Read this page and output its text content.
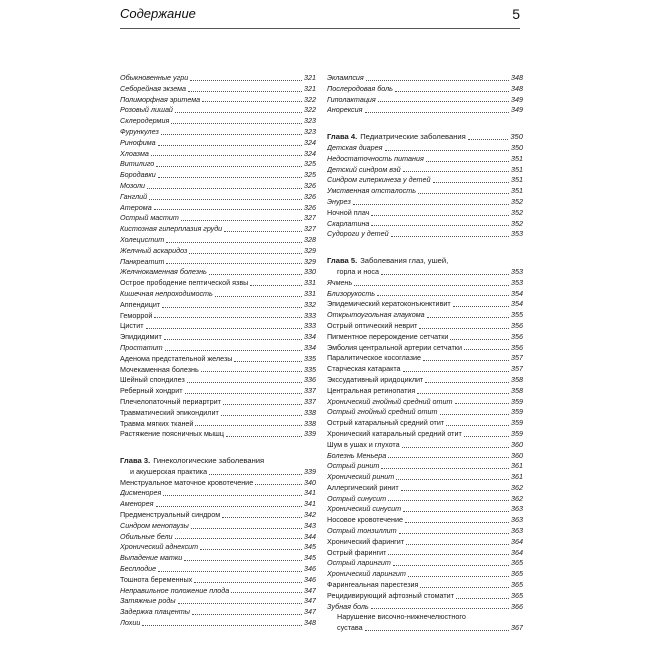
Содержание	5
Обыкновенные угри	321
Себорейная экзема	321
Полиморфная эритема	322
Розовый лишай	322
Склеродермия	323
Фурункулез	323
Ринофима	324
Хлоазма	324
Витилиго	325
Бородавки	325
Мозоли	326
Ганглий	326
Атерома	326
Острый мастит	327
Кистозная гиперплазия груди	327
Холецистит	328
Желчный аскаридоз	329
Панкреатит	329
Желчнокаменная болезнь	330
Острое прободение пептической язвы	331
Кишечная непроходимость	331
Аппендицит	332
Геморрой	333
Цистит	333
Эпидидимит	334
Простатит	334
Аденома предстательной железы	335
Мочекаменная болезнь	335
Шейный спондилез	336
Реберный хондрит	337
Плечелопаточный периартрит	337
Травматический эпикондилит	338
Травма мягких тканей	338
Растяжение поясничных мышц	339
Глава 3. Гинекологические заболевания
и акушерская практика	339
Менструальное маточное кровотечение	340
Дисменорея	341
Аменорея	341
Предменструальный синдром	342
Синдром менопаузы	343
Обильные бели	344
Хронический аднексит	345
Выпадение матки	345
Бесплодие	346
Тошнота беременных	346
Неправильное положение плода	347
Затяжные роды	347
Задержка плаценты	347
Лохии	348
Эклампсия	348
Послеродовая боль	348
Гиполактация	349
Анорексия	349
Глава 4. Педиатрические заболевания	350
Детская диарея	350
Недостаточность питания	351
Детский синдром вэй	351
Синдром гиперкинеза у детей	351
Умственная отсталость	351
Энурез	352
Ночной плач	352
Скарлатина	352
Судороги у детей	353
Глава 5. Заболевания глаз, ушей,
горла и носа	353
Ячмень	353
Близорукость	354
Эпидемический кератоконъюнктивит	354
Открытоугольная глаукома	355
Острый оптический неврит	356
Пигментное перерождение сетчатки	356
Эмболия центральной артерии сетчатки	356
Паралитическое косоглазие	357
Старческая катаракта	357
Экссудативный иридоциклит	358
Центральная ретинопатия	358
Хронический гнойный средний отит	359
Острый гнойный средний отит	359
Острый катаральный средний отит	359
Хронический катаральный средний отит	359
Шум в ушах и глухота	360
Болезнь Меньера	360
Острый ринит	361
Хронический ринит	361
Аллергический ринит	362
Острый синусит	362
Хронический синусит	363
Носовое кровотечение	363
Острый тонзиллит	363
Хронический фарингит	364
Острый фарингит	364
Острый ларингит	365
Хронический ларингит	365
Фарингеальная парестезия	365
Рецидивирующий афтозный стоматит	365
Зубная боль	366
Нарушение височно-нижнечелюстного
сустава	367
